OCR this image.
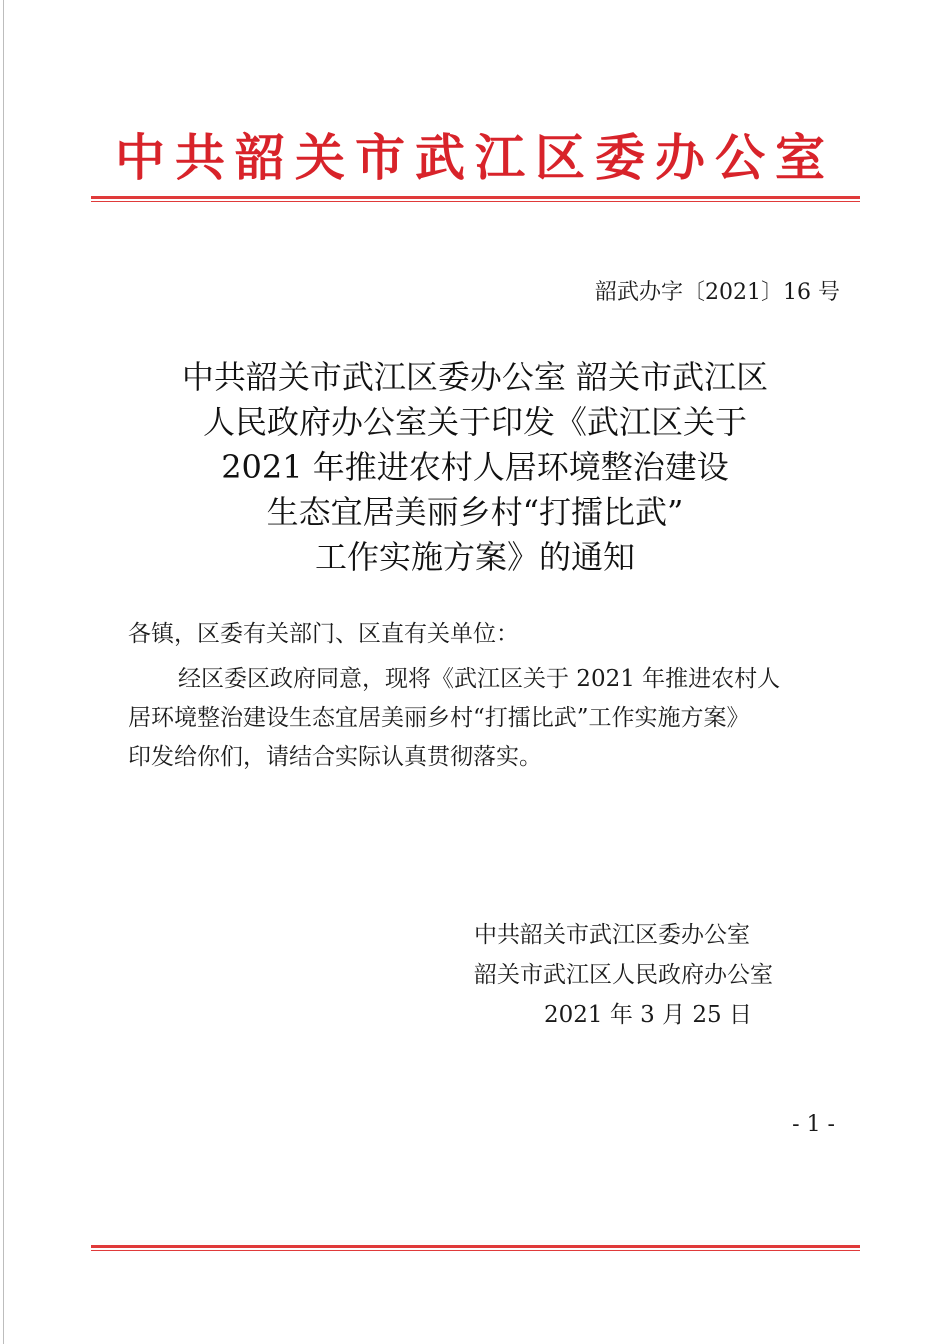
中共韶关市武江区委办公室
韶武办字〔2021〕16 号
中共韶关市武江区委办公室 韶关市武江区
人民政府办公室关于印发《武江区关于
2021 年推进农村人居环境整治建设
生态宜居美丽乡村“打擂比武”
工作实施方案》的通知
各镇，区委有关部门、区直有关单位：
经区委区政府同意，现将《武江区关于 2021 年推进农村人
居环境整治建设生态宜居美丽乡村“打擂比武”工作实施方案》
印发给你们，请结合实际认真贯彻落实。
中共韶关市武江区委办公室
韶关市武江区人民政府办公室
2021 年 3 月 25 日
- 1 -
